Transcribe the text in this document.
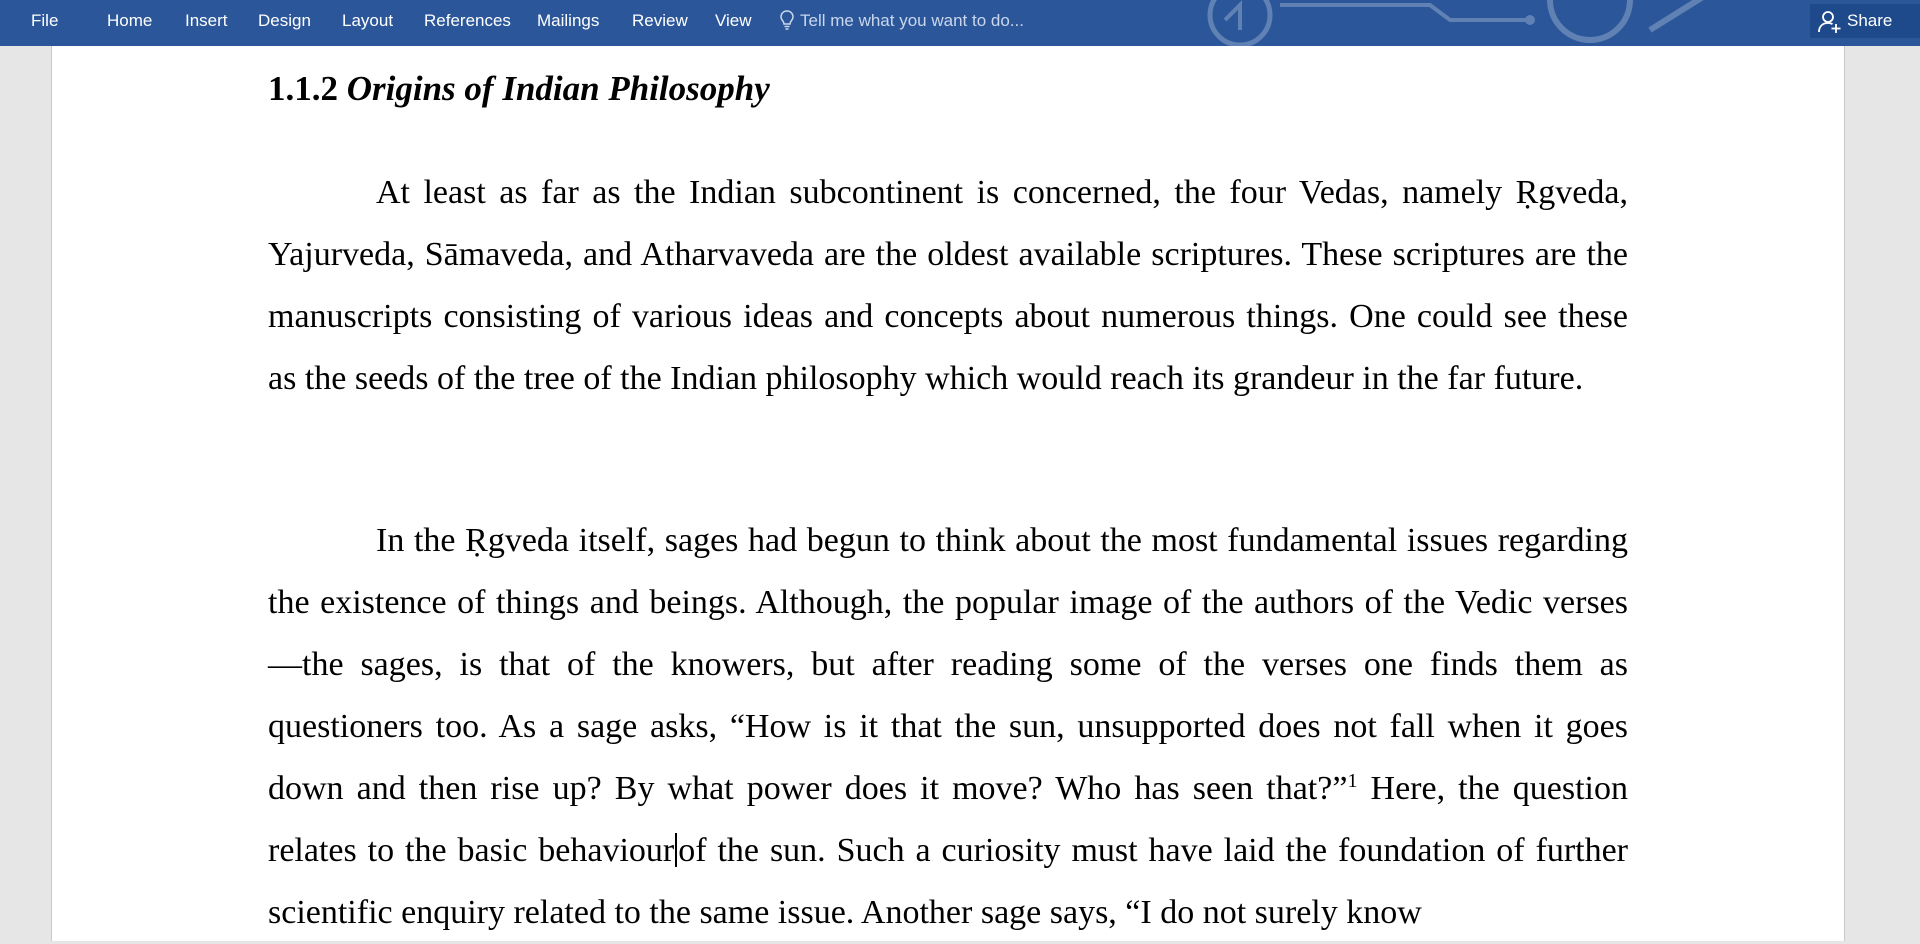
File	Home Insert Design Layout References Mailings Review View	Tell me what you want to do...	Share
1.1.2 Origins of Indian Philosophy

At least as far as the Indian subcontinent is concerned, the four Vedas, namely Ṛgveda, Yajurveda, Sāmaveda, and Atharvaveda are the oldest available scriptures. These scriptures are the manuscripts consisting of various ideas and concepts about numerous things. One could see these as the seeds of the tree of the Indian philosophy which would reach its grandeur in the far future.

In the Ṛgveda itself, sages had begun to think about the most fundamental issues regarding the existence of things and beings. Although, the popular image of the authors of the Vedic verses—the sages, is that of the knowers, but after reading some of the verses one finds them as questioners too. As a sage asks, “How is it that the sun, unsupported does not fall when it goes down and then rise up? By what power does it move? Who has seen that?”$^1$ Here, the question relates to the basic behaviour of the sun. Such a curiosity must have laid the foundation of further scientific enquiry related to the same issue. Another sage says, “I do not surely know
